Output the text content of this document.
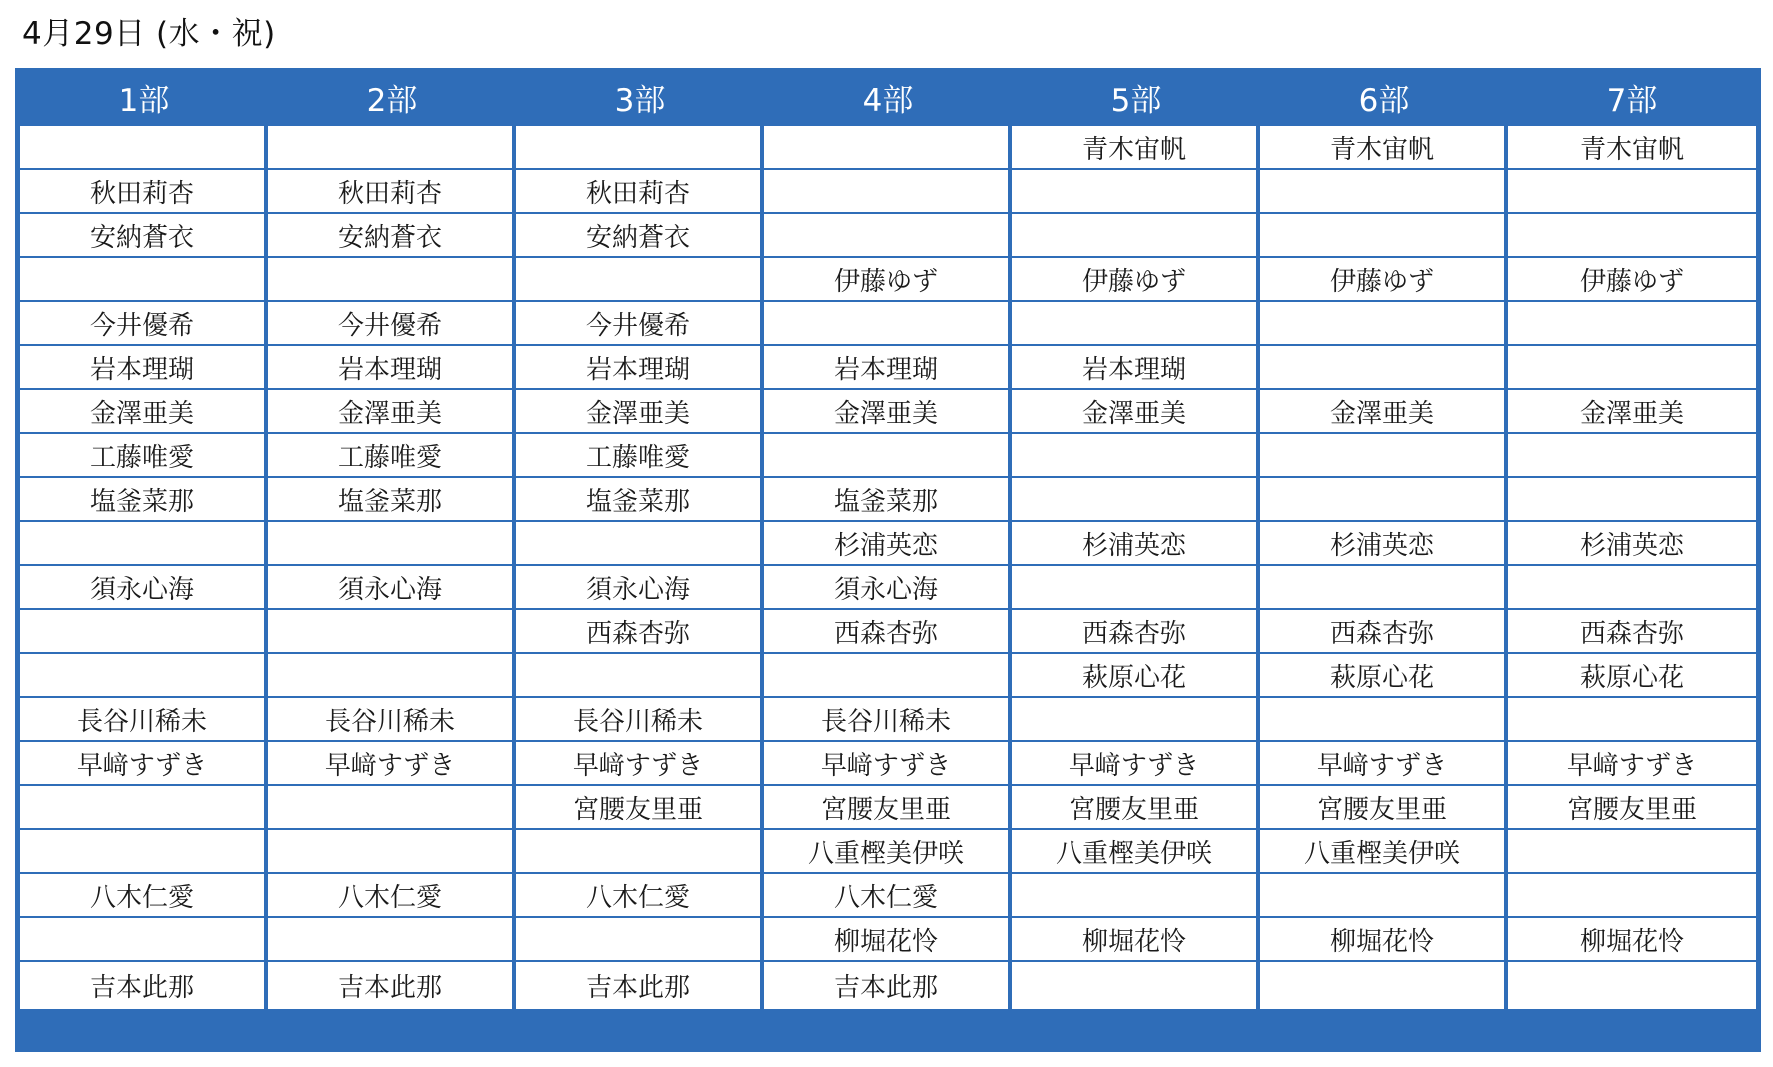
4月29日 (水・祝)
1部	2部	3部	4部	5部	6部	7部
				青木宙帆	青木宙帆	青木宙帆
秋田莉杏	秋田莉杏	秋田莉杏				
安納蒼衣	安納蒼衣	安納蒼衣				
			伊藤ゆず	伊藤ゆず	伊藤ゆず	伊藤ゆず
今井優希	今井優希	今井優希				
岩本理瑚	岩本理瑚	岩本理瑚	岩本理瑚	岩本理瑚		
金澤亜美	金澤亜美	金澤亜美	金澤亜美	金澤亜美	金澤亜美	金澤亜美
工藤唯愛	工藤唯愛	工藤唯愛				
塩釜菜那	塩釜菜那	塩釜菜那	塩釜菜那			
			杉浦英恋	杉浦英恋	杉浦英恋	杉浦英恋
須永心海	須永心海	須永心海	須永心海			
		西森杏弥	西森杏弥	西森杏弥	西森杏弥	西森杏弥
				萩原心花	萩原心花	萩原心花
長谷川稀未	長谷川稀未	長谷川稀未	長谷川稀未			
早﨑すずき	早﨑すずき	早﨑すずき	早﨑すずき	早﨑すずき	早﨑すずき	早﨑すずき
		宮腰友里亜	宮腰友里亜	宮腰友里亜	宮腰友里亜	宮腰友里亜
			八重樫美伊咲	八重樫美伊咲	八重樫美伊咲	
八木仁愛	八木仁愛	八木仁愛	八木仁愛			
			柳堀花怜	柳堀花怜	柳堀花怜	柳堀花怜
吉本此那	吉本此那	吉本此那	吉本此那			
